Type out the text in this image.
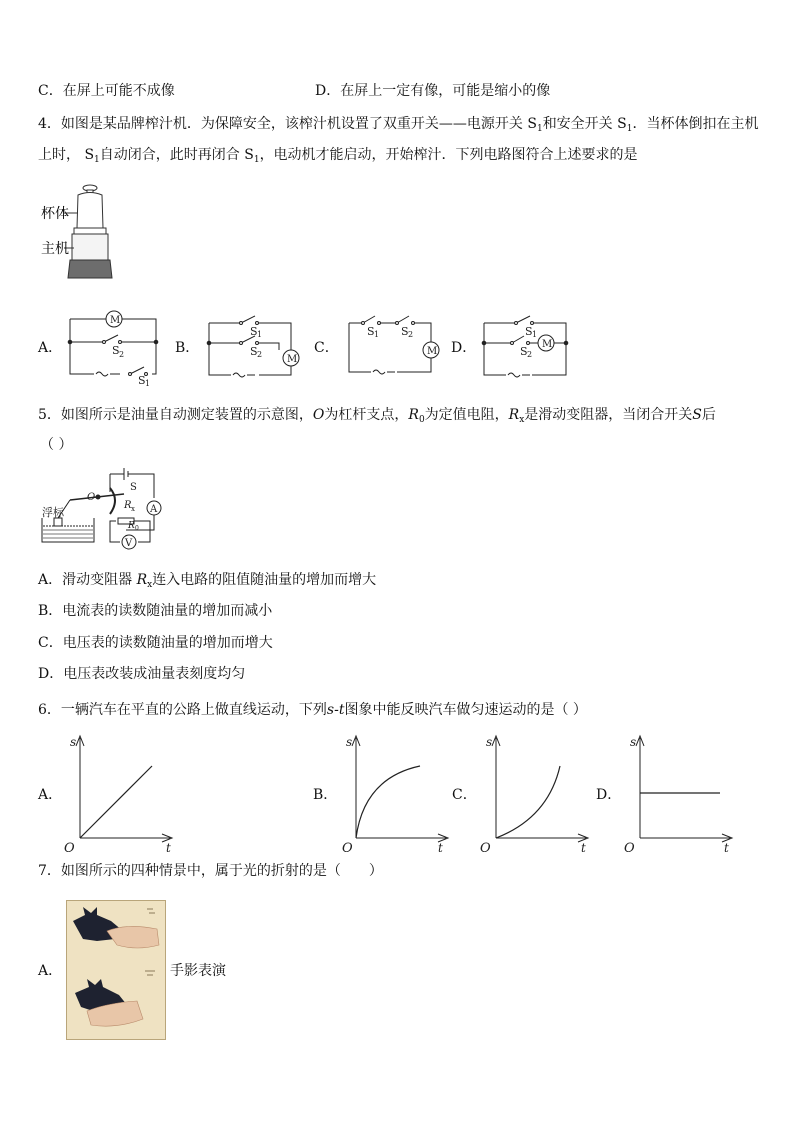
C．在屏上可能不成像	D．在屏上一定有像，可能是缩小的像
4．如图是某品牌榨汁机．为保障安全，该榨汁机设置了双重开关——电源开关 $S_1$和安全开关 $S_1$．当杯体倒扣在主机
上时， $S_1$自动闭合，此时再闭合 $S_1$，电动机才能启动，开始榨汁．下列电路图符合上述要求的是
杯体
主机
A．	B．	C．	D．
M
S 2
S 1
S 1
S 2 M
S 1 S 2
M
S 1
S 2
M
5．如图所示是油量自动测定装置的示意图，O为杠杆支点，$R_0$为定值电阻，$R_x$是滑动变阻器，当闭合开关S后
（ ）
S
A
O
R x
R 0
V
浮标
A．滑动变阻器 $R_x$连入电路的阻值随油量的增加而增大
B．电流表的读数随油量的增加而减小
C．电压表的读数随油量的增加而增大
D．电压表改装成油量表刻度均匀
6．一辆汽车在平直的公路上做直线运动，下列s-t图象中能反映汽车做匀速运动的是（ ）
A．	B．	C．	D．
s
t
O
s
t
O
s
t
O
s
t
O
7．如图所示的四种情景中，属于光的折射的是（　　）
A．	手影表演
